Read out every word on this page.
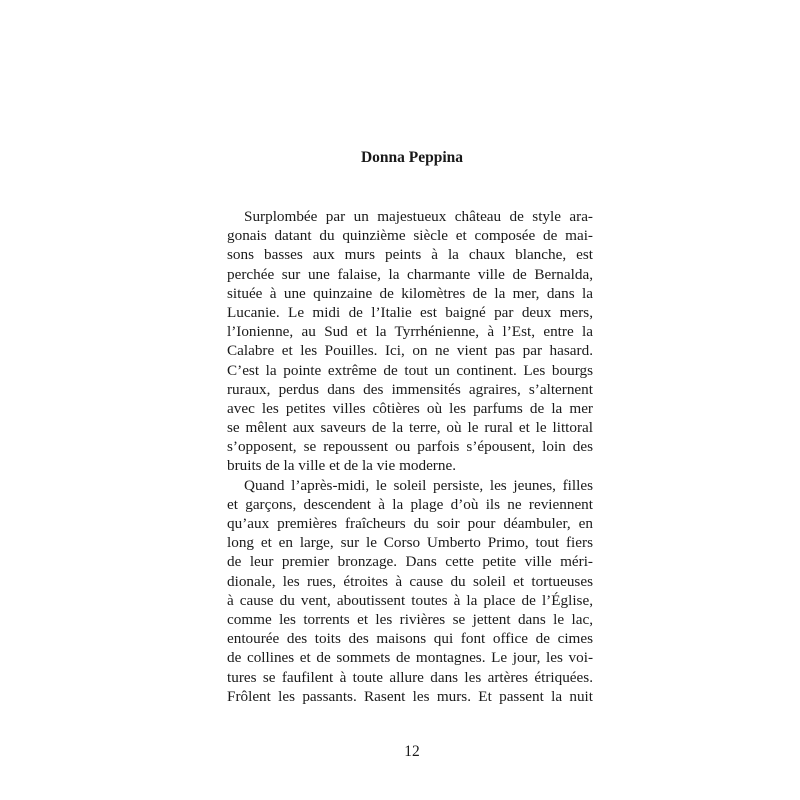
Donna Peppina
Surplombée par un majestueux château de style ara-
gonais datant du quinzième siècle et composée de mai-
sons basses aux murs peints à la chaux blanche, est
perchée sur une falaise, la charmante ville de Bernalda,
située à une quinzaine de kilomètres de la mer, dans la
Lucanie. Le midi de l’Italie est baigné par deux mers,
l’Ionienne, au Sud et la Tyrrhénienne, à l’Est, entre la
Calabre et les Pouilles. Ici, on ne vient pas par hasard.
C’est la pointe extrême de tout un continent. Les bourgs
ruraux, perdus dans des immensités agraires, s’alternent
avec les petites villes côtières où les parfums de la mer
se mêlent aux saveurs de la terre, où le rural et le littoral
s’opposent, se repoussent ou parfois s’épousent, loin des
bruits de la ville et de la vie moderne.
Quand l’après-midi, le soleil persiste, les jeunes, filles
et garçons, descendent à la plage d’où ils ne reviennent
qu’aux premières fraîcheurs du soir pour déambuler, en
long et en large, sur le Corso Umberto Primo, tout fiers
de leur premier bronzage. Dans cette petite ville méri-
dionale, les rues, étroites à cause du soleil et tortueuses
à cause du vent, aboutissent toutes à la place de l’Église,
comme les torrents et les rivières se jettent dans le lac,
entourée des toits des maisons qui font office de cimes
de collines et de sommets de montagnes. Le jour, les voi-
tures se faufilent à toute allure dans les artères étriquées.
Frôlent les passants. Rasent les murs. Et passent la nuit
12
